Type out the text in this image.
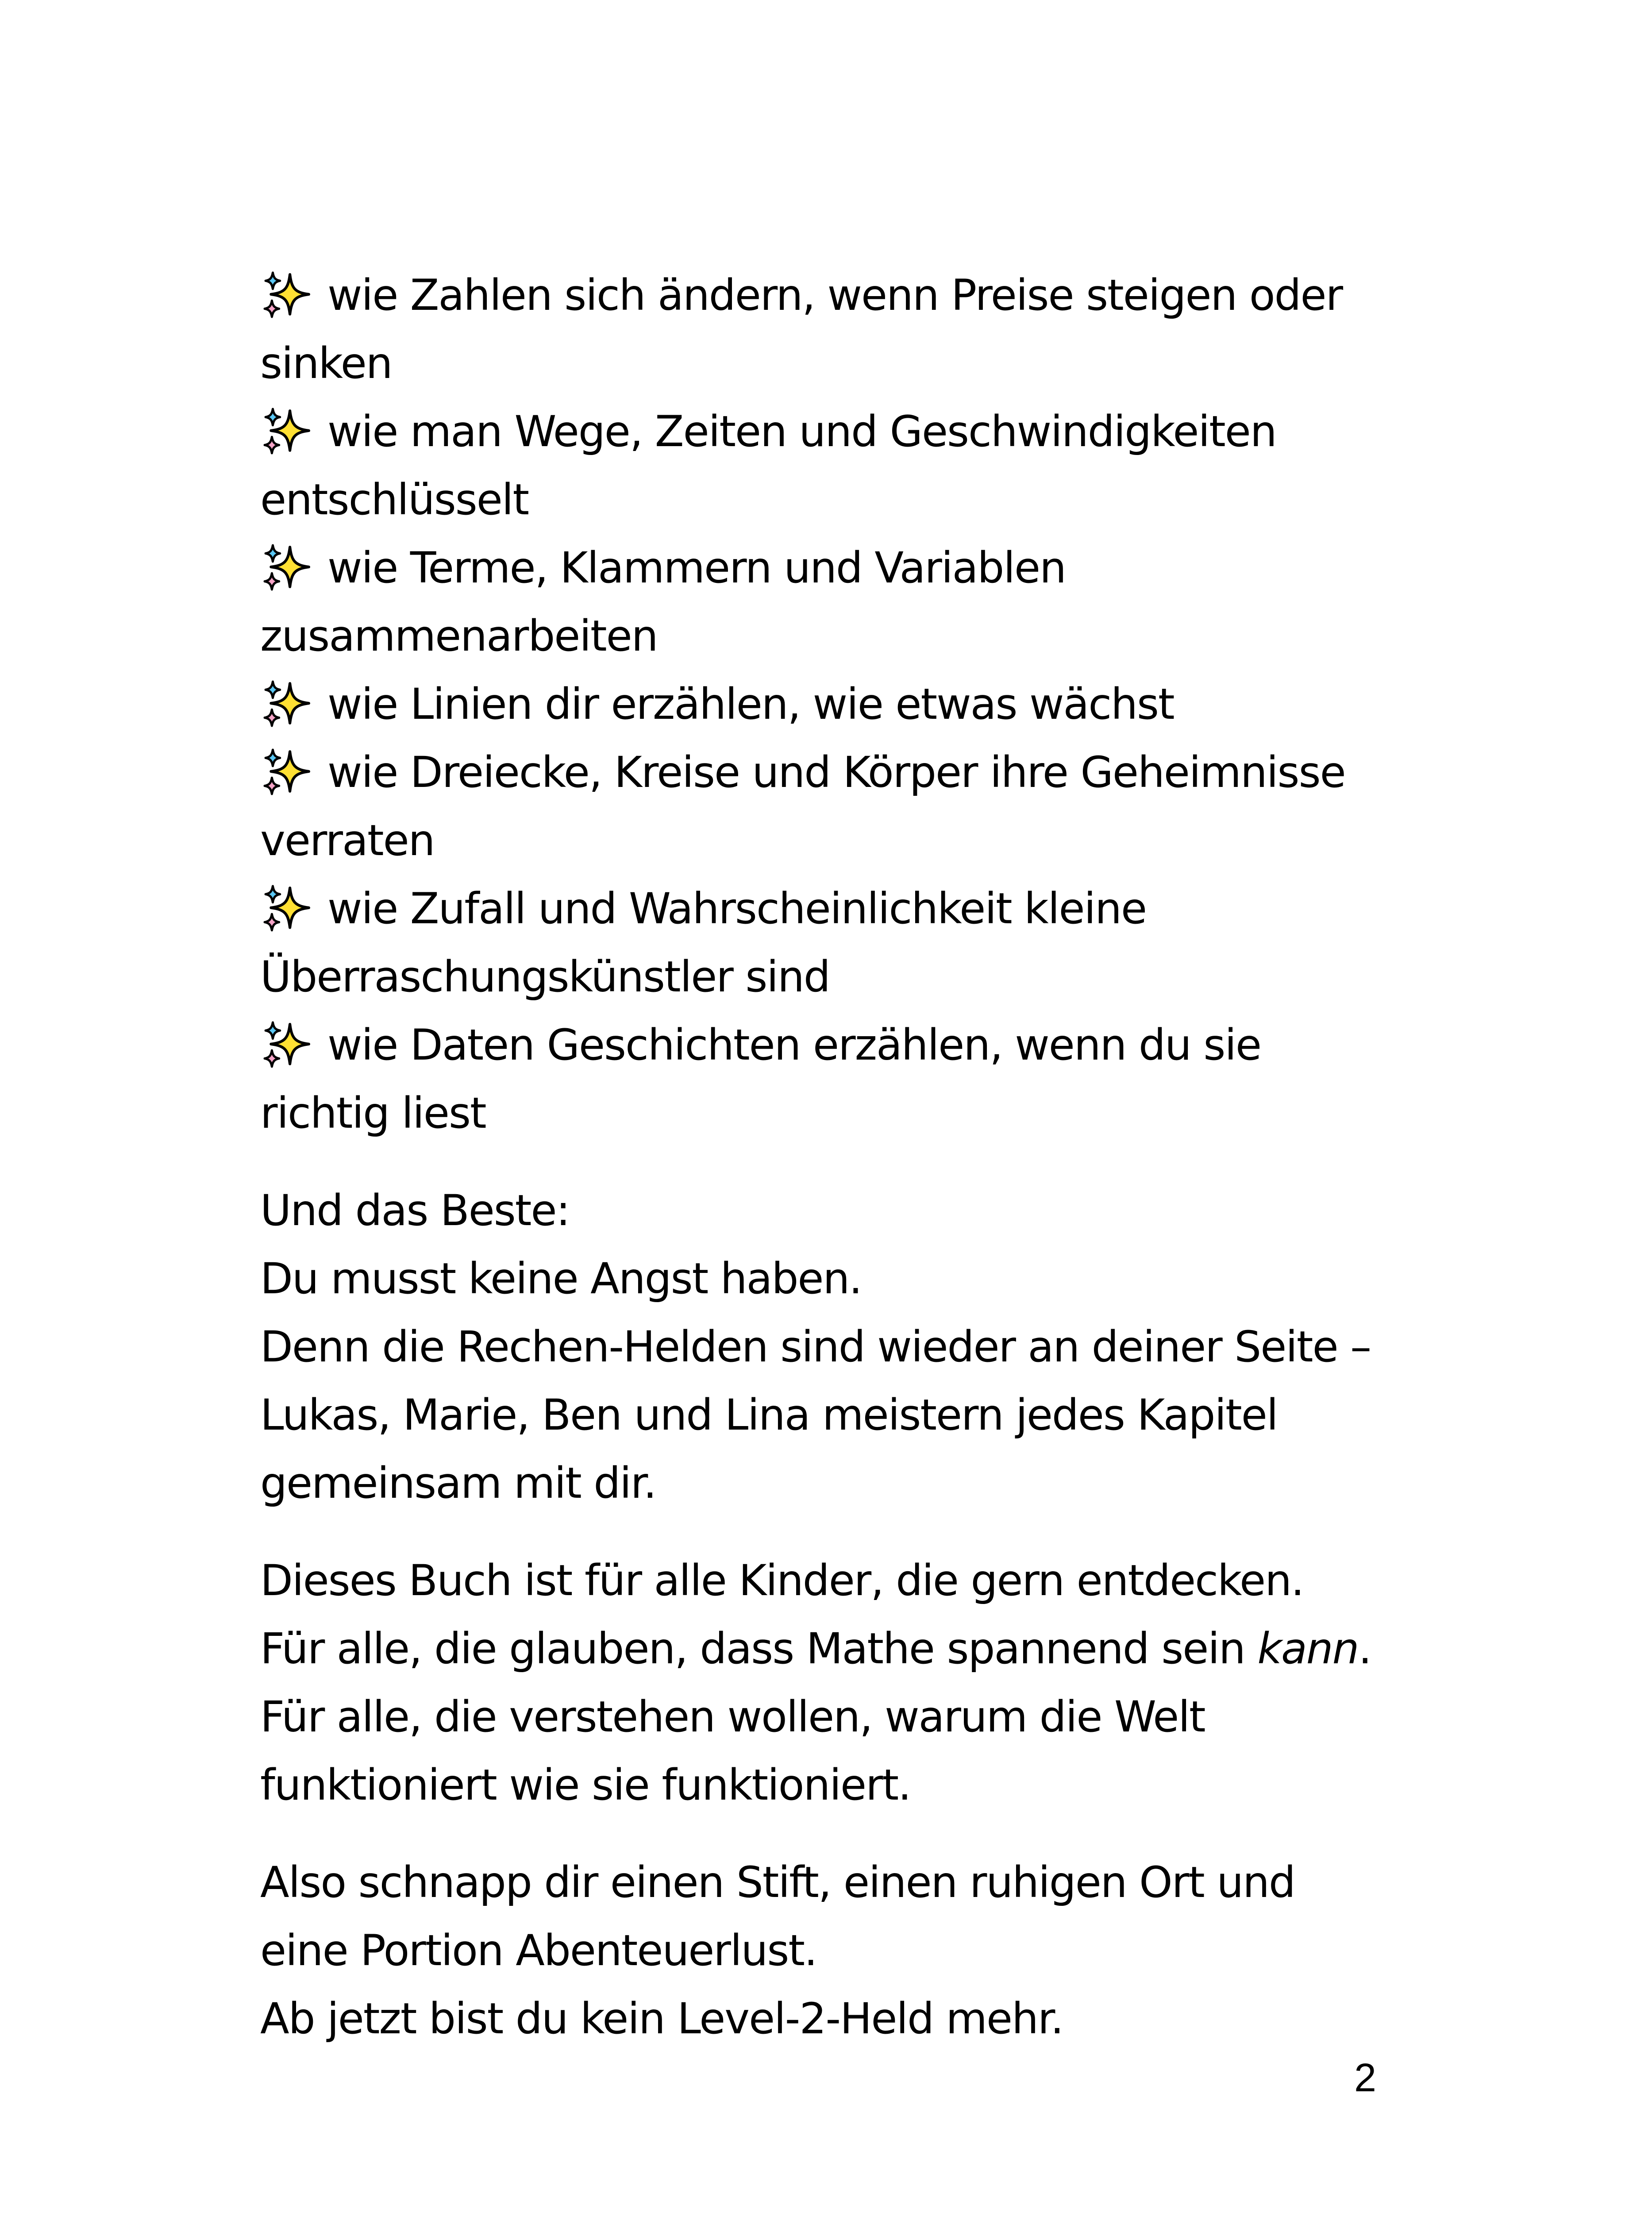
wie Zahlen sich ändern, wenn Preise steigen oder sinken
wie man Wege, Zeiten und Geschwindigkeiten entschlüsselt
wie Terme, Klammern und Variablen zusammenarbeiten
wie Linien dir erzählen, wie etwas wächst
wie Dreiecke, Kreise und Körper ihre Geheimnisse verraten
wie Zufall und Wahrscheinlichkeit kleine Überraschungskünstler sind
wie Daten Geschichten erzählen, wenn du sie richtig liest
Und das Beste:
Du musst keine Angst haben.
Denn die Rechen-Helden sind wieder an deiner Seite – Lukas, Marie, Ben und Lina meistern jedes Kapitel gemeinsam mit dir.
Dieses Buch ist für alle Kinder, die gern entdecken.
Für alle, die glauben, dass Mathe spannend sein kann.
Für alle, die verstehen wollen, warum die Welt funktioniert wie sie funktioniert.
Also schnapp dir einen Stift, einen ruhigen Ort und eine Portion Abenteuerlust.
Ab jetzt bist du kein Level-2-Held mehr.
2
